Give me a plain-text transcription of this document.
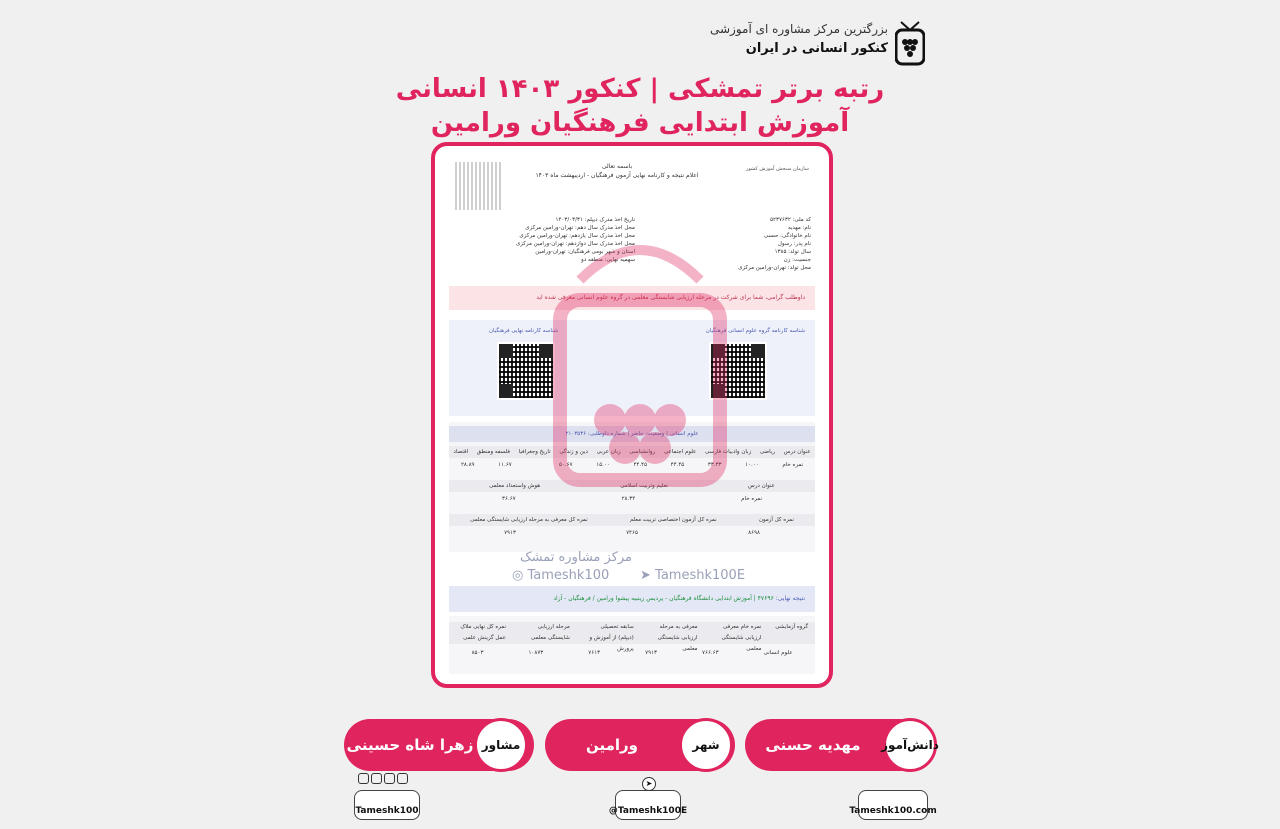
بزرگترین مرکز مشاوره ای آموزشی
کنکور انسانی در ایران
رتبه برتر تمشکی | کنکور ۱۴۰۳ انسانی
آموزش ابتدایی فرهنگیان ورامین
باسمه تعالی
اعلام نتیجه و کارنامه نهایی آزمون فرهنگیان - اردیبهشت ماه ۱۴۰۳
سازمان سنجش آموزش کشور
کد ملی: ۵۲۳۷۶۳۲
نام: مهدیه
نام خانوادگی: حسنی
نام پدر: رسول
سال تولد: ۱۳۸۵
جنسیت: زن
محل تولد: تهران-ورامین مرکزی
تاریخ اخذ مدرک دیپلم: ۱۴۰۳/۰۳/۳۱
محل اخذ مدرک سال دهم: تهران-ورامین مرکزی
محل اخذ مدرک سال یازدهم: تهران-ورامین مرکزی
محل اخذ مدرک سال دوازدهم: تهران-ورامین مرکزی
استان و شهر بومی فرهنگیان: تهران-ورامین
سهمیه نهایی: منطقه دو
داوطلب گرامی، شما برای شرکت در مرحله ارزیابی شایستگی معلمی در گروه علوم انسانی معرفی شده اید
شناسه کارنامه گروه علوم انسانی فرهنگیان
شناسه کارنامه نهایی فرهنگیان
علوم انسانی | وضعیت: حاضر | شماره داوطلبی: ۲۱۰۳۵۳۶
عنوان درس
ریاضی
زبان وادبیات فارسی
علوم اجتماعی
روانشناسی
زبان عربی
دین و زندگی
تاریخ وجغرافیا
فلسفه ومنطق
اقتصاد
نمره خام
۱۰.۰۰
۳۳.۳۳
۴۴.۴۵
۴۴.۴۵
۱۵.۰۰
۵۰.۶۷
۱۱.۶۷
۲۸.۸۹
عنوان درس
تعلیم وتربیت اسلامی
هوش واستعداد معلمی
نمره خام
۲۸.۳۴
۳۶.۶۷
نمره کل آزمون
نمره کل آزمون اختصاصی تربیت معلم
نمره کل معرفی به مرحله ارزیابی شایستگی معلمی
۸۶۹۸
۷۴۶۵
۷۹۱۳
نتیجه نهایی: ۴۷۶۹۶ | آموزش ابتدایی دانشگاه فرهنگیان - پردیس زینبیه پیشوا ورامین / فرهنگیان - آزاد
گروه آزمایشی
نمره خام معرفی ارزیابی شایستگی معلمی
معرفی به مرحله ارزیابی شایستگی معلمی
سابقه تحصیلی (دیپلم) از آموزش و پرورش
مرحله ارزیابی شایستگی معلمی
نمره کل نهایی ملاک عمل گزینش علمی
علوم انسانی
۷۶۶.۶۳
۷۹۱۳
۷۶۱۳
۱۰۸۷۳
۸۵۰۳
مرکز مشاوره تمشک
◎ Tameshk100 ➤ Tameshk100E
دانش‌آموز
مهدیه حسنی
شهر
ورامین
مشاور
زهرا شاه حسینی
Tameshk100
➤
@Tameshk100E	Tameshk100.com
